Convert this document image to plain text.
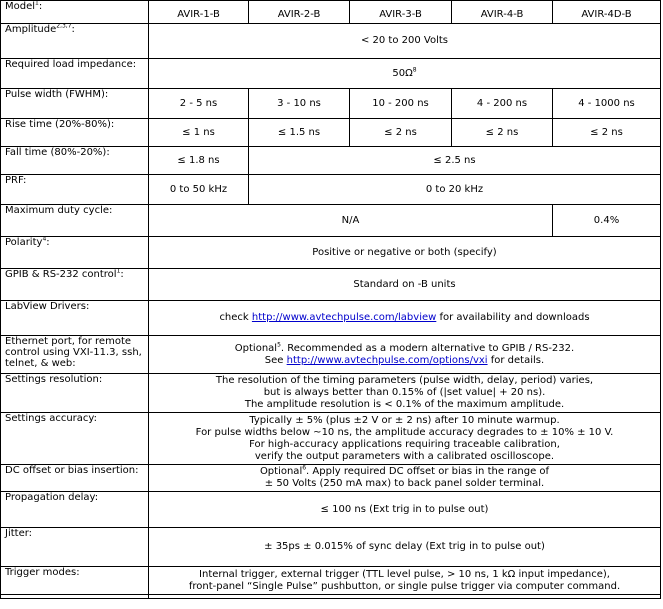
Model$^1$:	AVIR-1-B	AVIR-2-B	AVIR-3-B	AVIR-4-B	AVIR-4D-B
Amplitude$^{2,3,7}$:	< 20 to 200 Volts				
Required load impedance:	$50\Omega^8$
Pulse width (FWHM):	2 - 5 ns	3 - 10 ns	10 - 200 ns	4 - 200 ns	4 - 1000 ns
Rise time (20%-80%):	≤ 1 ns	≤ 1.5 ns	≤ 2 ns	≤ 2 ns	≤ 2 ns
Fall time (80%-20%):	≤ 1.8 ns	≤ 2.5 ns			
PRF:	0 to 50 kHz	0 to 20 kHz			
Maximum duty cycle:	N/A				0.4%
Polarity$^4$:	Positive or negative or both (specify)				
GPIB & RS-232 control$^1$:	Standard on -B units				
LabView Drivers:	check http://www.avtechpulse.com/labview for availability and downloads				
Ethernet port, for remote control using VXI-11.3, ssh, telnet, & web:	Optional$^5$. Recommended as a modern alternative to GPIB / RS-232.
See http://www.avtechpulse.com/options/vxi for details.				

Settings resolution:	The resolution of the timing parameters (pulse width, delay, period) varies,
but is always better than 0.15% of (|set value| + 20 ns).
The amplitude resolution is < 0.1% of the maximum amplitude.				

Settings accuracy:	Typically ± 5% (plus ±2 V or ± 2 ns) after 10 minute warmup.
For pulse widths below ~10 ns, the amplitude accuracy degrades to ± 10% ± 10 V.
For high-accuracy applications requiring traceable calibration,
verify the output parameters with a calibrated oscilloscope.				

DC offset or bias insertion:	Optional$^6$. Apply required DC offset or bias in the range of
± 50 Volts (250 mA max) to back panel solder terminal.				

Propagation delay:	≤ 100 ns (Ext trig in to pulse out)				
Jitter:	± 35ps ± 0.015% of sync delay (Ext trig in to pulse out)				
Trigger modes:	Internal trigger, external trigger (TTL level pulse, > 10 ns, 1 kΩ input impedance),
front-panel “Single Pulse” pushbutton, or single pulse trigger via computer command.				
